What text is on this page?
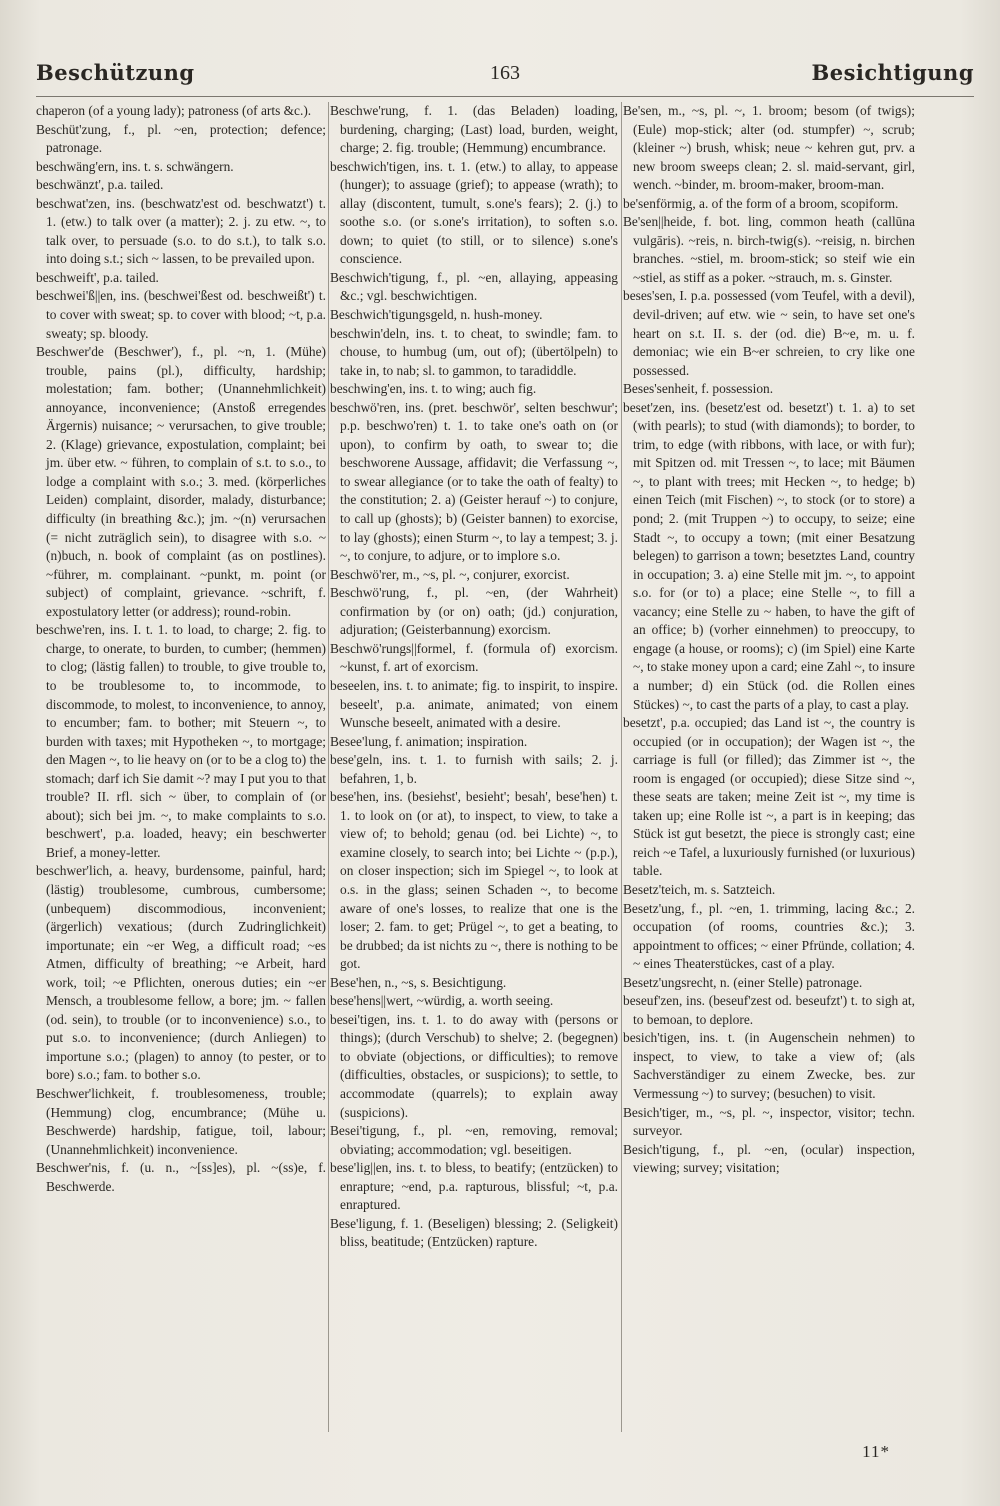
Beschützung	163	Besichtigung

chaperon (of a young lady); patroness (of arts &c.).

Beschüt'zung, f., pl. ~en, protection; defence; patronage.

beschwäng'ern, ins. t. s. schwängern.

beschwänzt', p.a. tailed.

beschwat'zen, ins. (beschwatz'est od. beschwatzt') t. 1. (etw.) to talk over (a matter); 2. j. zu etw. ~, to talk over, to persuade (s.o. to do s.t.), to talk s.o. into doing s.t.; sich ~ lassen, to be prevailed upon.

beschweift', p.a. tailed.

beschwei'ß||en, ins. (beschwei'ßest od. beschweißt') t. to cover with sweat; sp. to cover with blood; ~t, p.a. sweaty; sp. bloody.

Beschwer'de (Beschwer'), f., pl. ~n, 1. (Mühe) trouble, pains (pl.), difficulty, hardship; molestation; fam. bother; (Unannehmlichkeit) annoyance, inconvenience; (Anstoß erregendes Ärgernis) nuisance; ~ verursachen, to give trouble; 2. (Klage) grievance, expostulation, complaint; bei jm. über etw. ~ führen, to complain of s.t. to s.o., to lodge a complaint with s.o.; 3. med. (körperliches Leiden) complaint, disorder, malady, disturbance; difficulty (in breathing &c.); jm. ~(n) verursachen (= nicht zuträglich sein), to disagree with s.o. ~(n)buch, n. book of complaint (as on postlines). ~führer, m. complainant. ~punkt, m. point (or subject) of complaint, grievance. ~schrift, f. expostulatory letter (or address); round-robin.

beschwe'ren, ins. I. t. 1. to load, to charge; 2. fig. to charge, to onerate, to burden, to cumber; (hemmen) to clog; (lästig fallen) to trouble, to give trouble to, to be troublesome to, to incommode, to discommode, to molest, to inconvenience, to annoy, to encumber; fam. to bother; mit Steuern ~, to burden with taxes; mit Hypotheken ~, to mortgage; den Magen ~, to lie heavy on (or to be a clog to) the stomach; darf ich Sie damit ~? may I put you to that trouble? II. rfl. sich ~ über, to complain of (or about); sich bei jm. ~, to make complaints to s.o. beschwert', p.a. loaded, heavy; ein beschwerter Brief, a money-letter.

beschwer'lich, a. heavy, burdensome, painful, hard; (lästig) troublesome, cumbrous, cumbersome; (unbequem) discommodious, inconvenient; (ärgerlich) vexatious; (durch Zudringlichkeit) importunate; ein ~er Weg, a difficult road; ~es Atmen, difficulty of breathing; ~e Arbeit, hard work, toil; ~e Pflichten, onerous duties; ein ~er Mensch, a troublesome fellow, a bore; jm. ~ fallen (od. sein), to trouble (or to inconvenience) s.o., to put s.o. to inconvenience; (durch Anliegen) to importune s.o.; (plagen) to annoy (to pester, or to bore) s.o.; fam. to bother s.o.

Beschwer'lichkeit, f. troublesomeness, trouble; (Hemmung) clog, encumbrance; (Mühe u. Beschwerde) hardship, fatigue, toil, labour; (Unannehmlichkeit) inconvenience.

Beschwer'nis, f. (u. n., ~[ss]es), pl. ~(ss)e, f. Beschwerde.

Beschwe'rung, f. 1. (das Beladen) loading, burdening, charging; (Last) load, burden, weight, charge; 2. fig. trouble; (Hemmung) encumbrance.

beschwich'tigen, ins. t. 1. (etw.) to allay, to appease (hunger); to assuage (grief); to appease (wrath); to allay (discontent, tumult, s.one's fears); 2. (j.) to soothe s.o. (or s.one's irritation), to soften s.o. down; to quiet (to still, or to silence) s.one's conscience.

Beschwich'tigung, f., pl. ~en, allaying, appeasing &c.; vgl. beschwichtigen.

Beschwich'tigungsgeld, n. hush-money.

beschwin'deln, ins. t. to cheat, to swindle; fam. to chouse, to humbug (um, out of); (übertölpeln) to take in, to nab; sl. to gammon, to taradiddle.

beschwing'en, ins. t. to wing; auch fig.

beschwö'ren, ins. (pret. beschwör', selten beschwur'; p.p. beschwo'ren) t. 1. to take one's oath on (or upon), to confirm by oath, to swear to; die beschworene Aussage, affidavit; die Verfassung ~, to swear allegiance (or to take the oath of fealty) to the constitution; 2. a) (Geister herauf ~) to conjure, to call up (ghosts); b) (Geister bannen) to exorcise, to lay (ghosts); einen Sturm ~, to lay a tempest; 3. j. ~, to conjure, to adjure, or to implore s.o.

Beschwö'rer, m., ~s, pl. ~, conjurer, exorcist.

Beschwö'rung, f., pl. ~en, (der Wahrheit) confirmation by (or on) oath; (jd.) conjuration, adjuration; (Geisterbannung) exorcism.

Beschwö'rungs||formel, f. (formula of) exorcism. ~kunst, f. art of exorcism.

beseelen, ins. t. to animate; fig. to inspirit, to inspire. beseelt', p.a. animate, animated; von einem Wunsche beseelt, animated with a desire.

Besee'lung, f. animation; inspiration.

bese'geln, ins. t. 1. to furnish with sails; 2. j. befahren, 1, b.

bese'hen, ins. (besiehst', besieht'; besah', bese'hen) t. 1. to look on (or at), to inspect, to view, to take a view of; to behold; genau (od. bei Lichte) ~, to examine closely, to search into; bei Lichte ~ (p.p.), on closer inspection; sich im Spiegel ~, to look at o.s. in the glass; seinen Schaden ~, to become aware of one's losses, to realize that one is the loser; 2. fam. to get; Prügel ~, to get a beating, to be drubbed; da ist nichts zu ~, there is nothing to be got.

Bese'hen, n., ~s, s. Besichtigung.

bese'hens||wert, ~würdig, a. worth seeing.

besei'tigen, ins. t. 1. to do away with (persons or things); (durch Verschub) to shelve; 2. (begegnen) to obviate (objections, or difficulties); to remove (difficulties, obstacles, or suspicions); to settle, to accommodate (quarrels); to explain away (suspicions).

Besei'tigung, f., pl. ~en, removing, removal; obviating; accommodation; vgl. beseitigen.

bese'lig||en, ins. t. to bless, to beatify; (entzücken) to enrapture; ~end, p.a. rapturous, blissful; ~t, p.a. enraptured.

Bese'ligung, f. 1. (Beseligen) blessing; 2. (Seligkeit) bliss, beatitude; (Entzücken) rapture.

Be'sen, m., ~s, pl. ~, 1. broom; besom (of twigs); (Eule) mop-stick; alter (od. stumpfer) ~, scrub; (kleiner ~) brush, whisk; neue ~ kehren gut, prv. a new broom sweeps clean; 2. sl. maid-servant, girl, wench. ~binder, m. broom-maker, broom-man.

be'senförmig, a. of the form of a broom, scopiform.

Be'sen||heide, f. bot. ling, common heath (callūna vulgāris). ~reis, n. birch-twig(s). ~reisig, n. birchen branches. ~stiel, m. broom-stick; so steif wie ein ~stiel, as stiff as a poker. ~strauch, m. s. Ginster.

beses'sen, I. p.a. possessed (vom Teufel, with a devil), devil-driven; auf etw. wie ~ sein, to have set one's heart on s.t. II. s. der (od. die) B~e, m. u. f. demoniac; wie ein B~er schreien, to cry like one possessed.

Beses'senheit, f. possession.

beset'zen, ins. (besetz'est od. besetzt') t. 1. a) to set (with pearls); to stud (with diamonds); to border, to trim, to edge (with ribbons, with lace, or with fur); mit Spitzen od. mit Tressen ~, to lace; mit Bäumen ~, to plant with trees; mit Hecken ~, to hedge; b) einen Teich (mit Fischen) ~, to stock (or to store) a pond; 2. (mit Truppen ~) to occupy, to seize; eine Stadt ~, to occupy a town; (mit einer Besatzung belegen) to garrison a town; besetztes Land, country in occupation; 3. a) eine Stelle mit jm. ~, to appoint s.o. for (or to) a place; eine Stelle ~, to fill a vacancy; eine Stelle zu ~ haben, to have the gift of an office; b) (vorher einnehmen) to preoccupy, to engage (a house, or rooms); c) (im Spiel) eine Karte ~, to stake money upon a card; eine Zahl ~, to insure a number; d) ein Stück (od. die Rollen eines Stückes) ~, to cast the parts of a play, to cast a play.

besetzt', p.a. occupied; das Land ist ~, the country is occupied (or in occupation); der Wagen ist ~, the carriage is full (or filled); das Zimmer ist ~, the room is engaged (or occupied); diese Sitze sind ~, these seats are taken; meine Zeit ist ~, my time is taken up; eine Rolle ist ~, a part is in keeping; das Stück ist gut besetzt, the piece is strongly cast; eine reich ~e Tafel, a luxuriously furnished (or luxurious) table.

Besetz'teich, m. s. Satzteich.

Besetz'ung, f., pl. ~en, 1. trimming, lacing &c.; 2. occupation (of rooms, countries &c.); 3. appointment to offices; ~ einer Pfründe, collation; 4. ~ eines Theaterstückes, cast of a play.

Besetz'ungsrecht, n. (einer Stelle) patronage.

beseuf'zen, ins. (beseuf'zest od. beseufzt') t. to sigh at, to bemoan, to deplore.

besich'tigen, ins. t. (in Augenschein nehmen) to inspect, to view, to take a view of; (als Sachverständiger zu einem Zwecke, bes. zur Vermessung ~) to survey; (besuchen) to visit.

Besich'tiger, m., ~s, pl. ~, inspector, visitor; techn. surveyor.

Besich'tigung, f., pl. ~en, (ocular) inspection, viewing; survey; visitation;

11*
